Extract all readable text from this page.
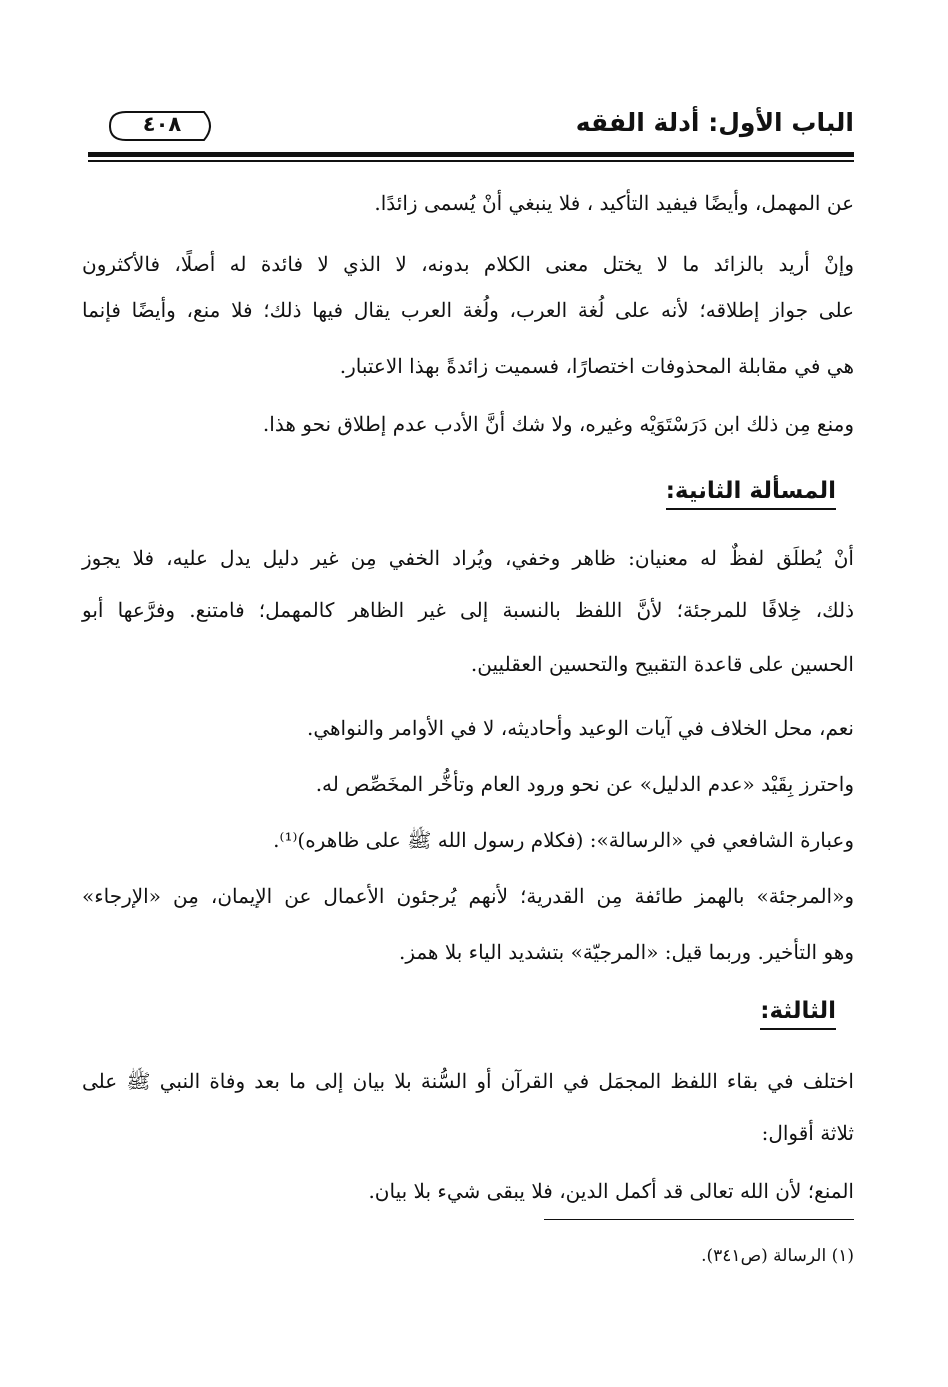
الباب الأول: أدلة الفقه
٤٠٨
عن المهمل، وأيضًا فيفيد التأكيد ، فلا ينبغي أنْ يُسمى زائدًا.
وإنْ أريد بالزائد ما لا يختل معنى الكلام بدونه، لا الذي لا فائدة له أصلًا، فالأكثرون
على جواز إطلاقه؛ لأنه على لُغة العرب، ولُغة العرب يقال فيها ذلك؛ فلا منع، وأيضًا فإنما
هي في مقابلة المحذوفات اختصارًا، فسميت زائدةً بهذا الاعتبار.
ومنع مِن ذلك ابن دَرَسْتَوَيْه وغيره، ولا شك أنَّ الأدب عدم إطلاق نحو هذا.
المسألة الثانية:
أنْ يُطلَق لفظٌ له معنيان: ظاهر وخفي، ويُراد الخفي مِن غير دليل يدل عليه، فلا يجوز
ذلك، خِلافًا للمرجئة؛ لأنَّ اللفظ بالنسبة إلى غير الظاهر كالمهمل؛ فامتنع. وفرَّعها أبو
الحسين على قاعدة التقبيح والتحسين العقليين.
نعم، محل الخلاف في آيات الوعيد وأحاديثه، لا في الأوامر والنواهي.
واحترز بِقَيْد «عدم الدليل» عن نحو ورود العام وتأخُّر المخَصِّص له.
وعبارة الشافعي في «الرسالة»: (فكلام رسول الله ﷺ على ظاهره)⁽¹⁾.
و«المرجئة» بالهمز طائفة مِن القدرية؛ لأنهم يُرجئون الأعمال عن الإيمان، مِن «الإرجاء»
وهو التأخير. وربما قيل: «المرجيّة» بتشديد الياء بلا همز.
الثالثة:
اختلف في بقاء اللفظ المجمَل في القرآن أو السُّنة بلا بيان إلى ما بعد وفاة النبي ﷺ على
ثلاثة أقوال:
المنع؛ لأن الله تعالى قد أكمل الدين، فلا يبقى شيء بلا بيان.
(١) الرسالة (ص٣٤١).
